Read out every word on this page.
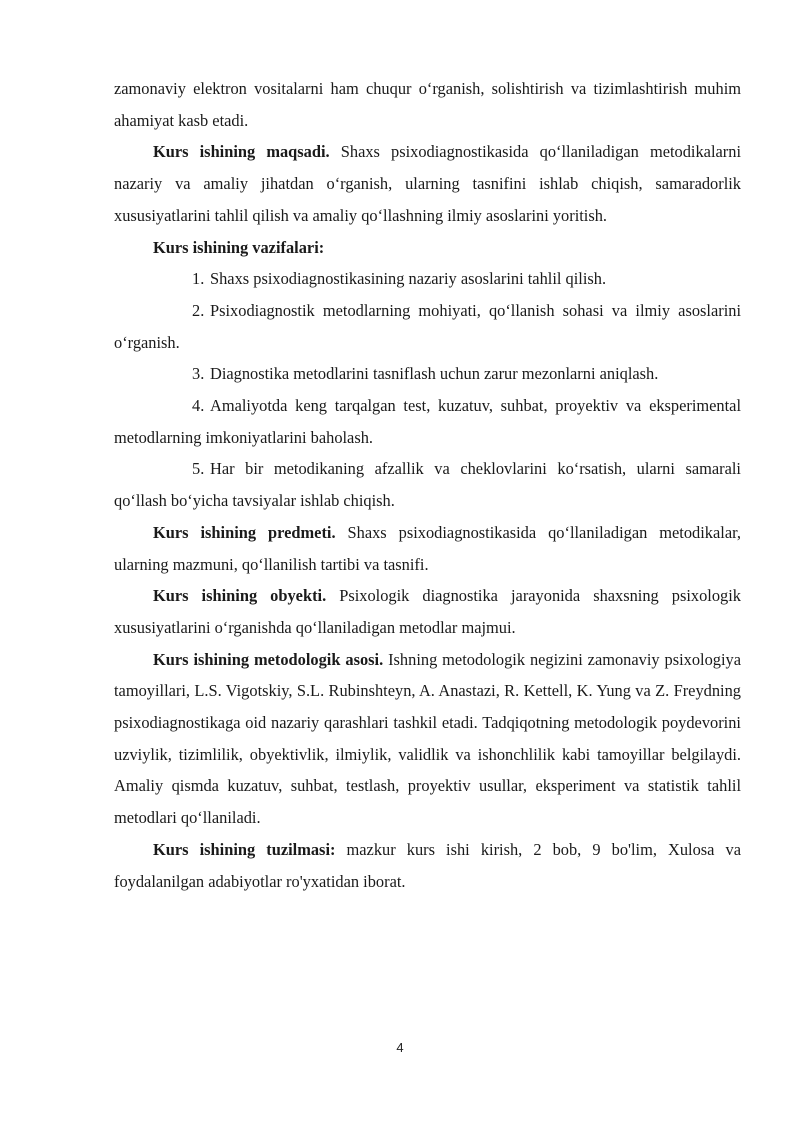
zamonaviy elektron vositalarni ham chuqur o‘rganish, solishtirish va tizimlashtirish muhim ahamiyat kasb etadi.

Kurs ishining maqsadi. Shaxs psixodiagnostikasida qo‘llaniladigan metodikalarni nazariy va amaliy jihatdan o‘rganish, ularning tasnifini ishlab chiqish, samaradorlik xususiyatlarini tahlil qilish va amaliy qo‘llashning ilmiy asoslarini yoritish.

Kurs ishining vazifalari:

1. Shaxs psixodiagnostikasining nazariy asoslarini tahlil qilish.

2. Psixodiagnostik metodlarning mohiyati, qo‘llanish sohasi va ilmiy asoslarini o‘rganish.

3. Diagnostika metodlarini tasniflash uchun zarur mezonlarni aniqlash.

4. Amaliyotda keng tarqalgan test, kuzatuv, suhbat, proyektiv va eksperimental metodlarning imkoniyatlarini baholash.

5. Har bir metodikaning afzallik va cheklovlarini ko‘rsatish, ularni samarali qo‘llash bo‘yicha tavsiyalar ishlab chiqish.

Kurs ishining predmeti. Shaxs psixodiagnostikasida qo‘llaniladigan metodikalar, ularning mazmuni, qo‘llanilish tartibi va tasnifi.

Kurs ishining obyekti. Psixologik diagnostika jarayonida shaxsning psixologik xususiyatlarini o‘rganishda qo‘llaniladigan metodlar majmui.

Kurs ishining metodologik asosi. Ishning metodologik negizini zamonaviy psixologiya tamoyillari, L.S. Vigotskiy, S.L. Rubinshteyn, A. Anastazi, R. Kettell, K. Yung va Z. Freydning psixodiagnostikaga oid nazariy qarashlari tashkil etadi. Tadqiqotning metodologik poydevorini uzviylik, tizimlilik, obyektivlik, ilmiylik, validlik va ishonchlilik kabi tamoyillar belgilaydi. Amaliy qismda kuzatuv, suhbat, testlash, proyektiv usullar, eksperiment va statistik tahlil metodlari qo‘llaniladi.

Kurs ishining tuzilmasi: mazkur kurs ishi kirish, 2 bob, 9 bo'lim, Xulosa va foydalanilgan adabiyotlar ro'yxatidan iborat.

4
